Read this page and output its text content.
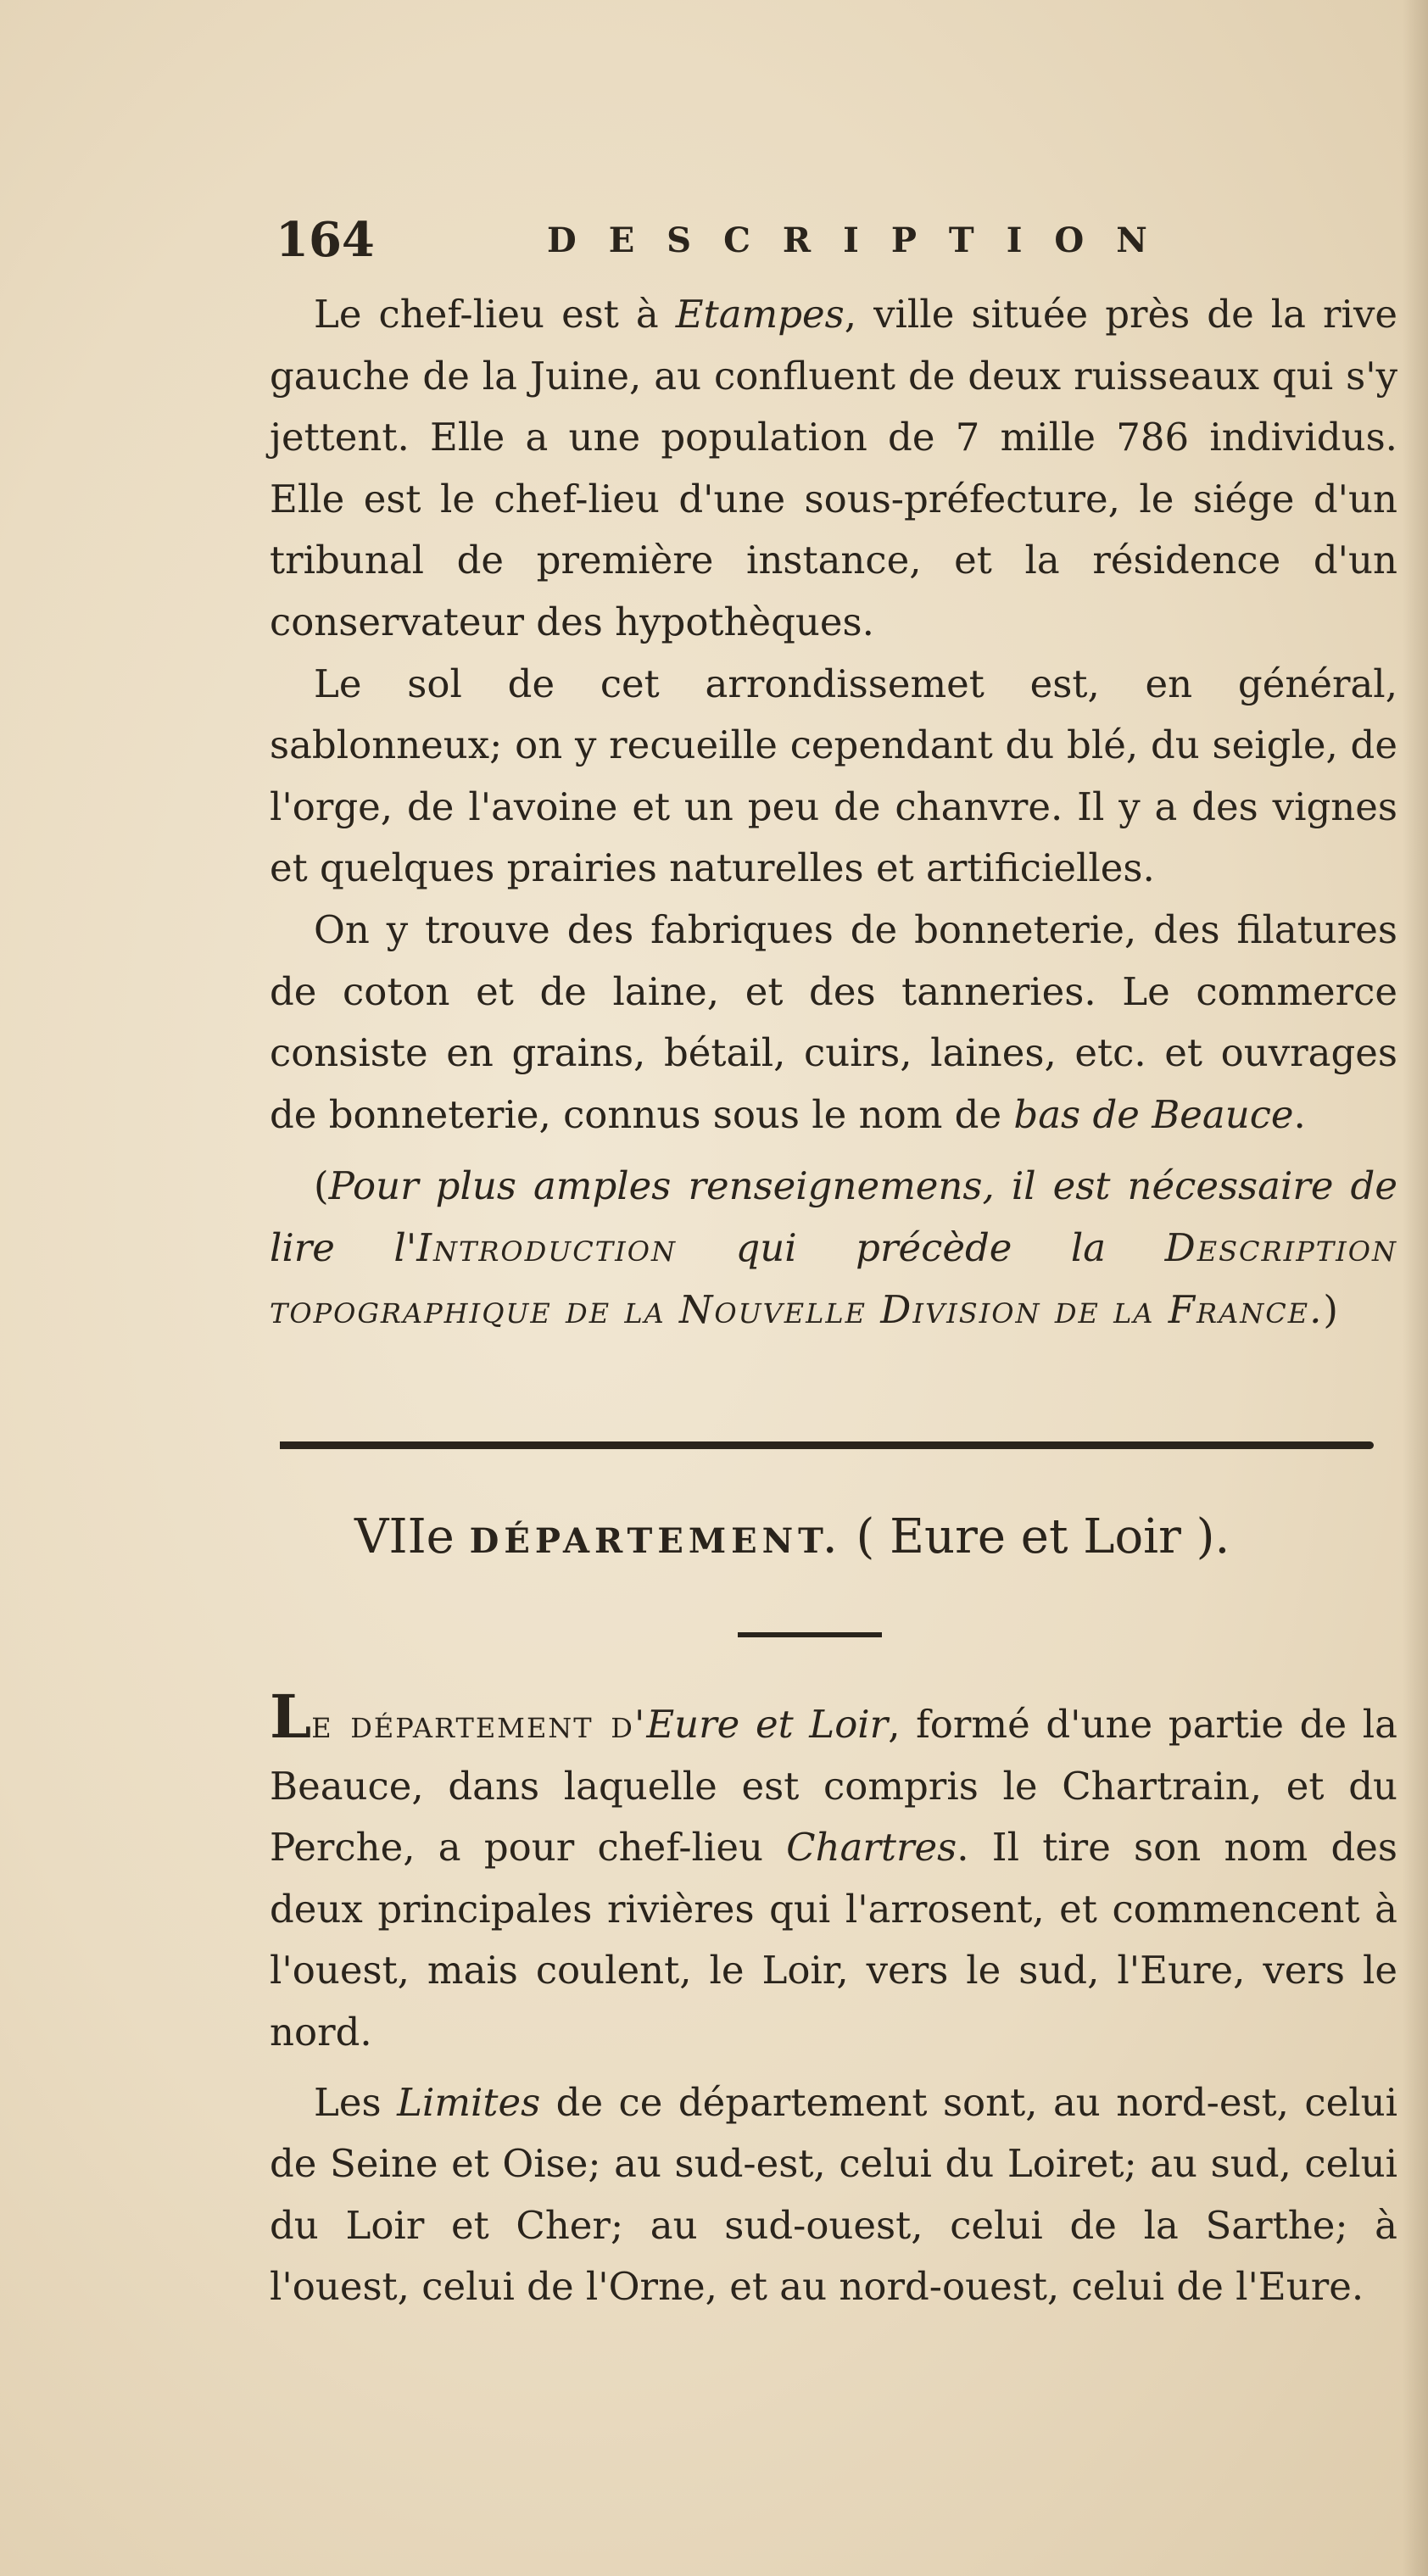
164	DESCRIPTION

Le chef-lieu est à Etampes, ville située près de la rive gauche de la Juine, au confluent de deux ruisseaux qui s'y jettent. Elle a une population de 7 mille 786 individus. Elle est le chef-lieu d'une sous-préfecture, le siége d'un tribunal de première instance, et la résidence d'un conservateur des hypothèques.

Le sol de cet arrondissemet est, en général, sablonneux; on y recueille cependant du blé, du seigle, de l'orge, de l'avoine et un peu de chanvre. Il y a des vignes et quelques prairies naturelles et artificielles.

On y trouve des fabriques de bonneterie, des filatures de coton et de laine, et des tanneries. Le commerce consiste en grains, bétail, cuirs, laines, etc. et ouvrages de bonneterie, connus sous le nom de bas de Beauce.

(Pour plus amples renseignemens, il est nécessaire de lire l'Introduction qui précède la Description topographique de la Nouvelle Division de la France.)

VIIe DÉPARTEMENT. ( Eure et Loir ).

Le département d'Eure et Loir, formé d'une partie de la Beauce, dans laquelle est compris le Chartrain, et du Perche, a pour chef-lieu Chartres. Il tire son nom des deux principales rivières qui l'arrosent, et commencent à l'ouest, mais coulent, le Loir, vers le sud, l'Eure, vers le nord.

Les Limites de ce département sont, au nord-est, celui de Seine et Oise; au sud-est, celui du Loiret; au sud, celui du Loir et Cher; au sud-ouest, celui de la Sarthe; à l'ouest, celui de l'Orne, et au nord-ouest, celui de l'Eure.
